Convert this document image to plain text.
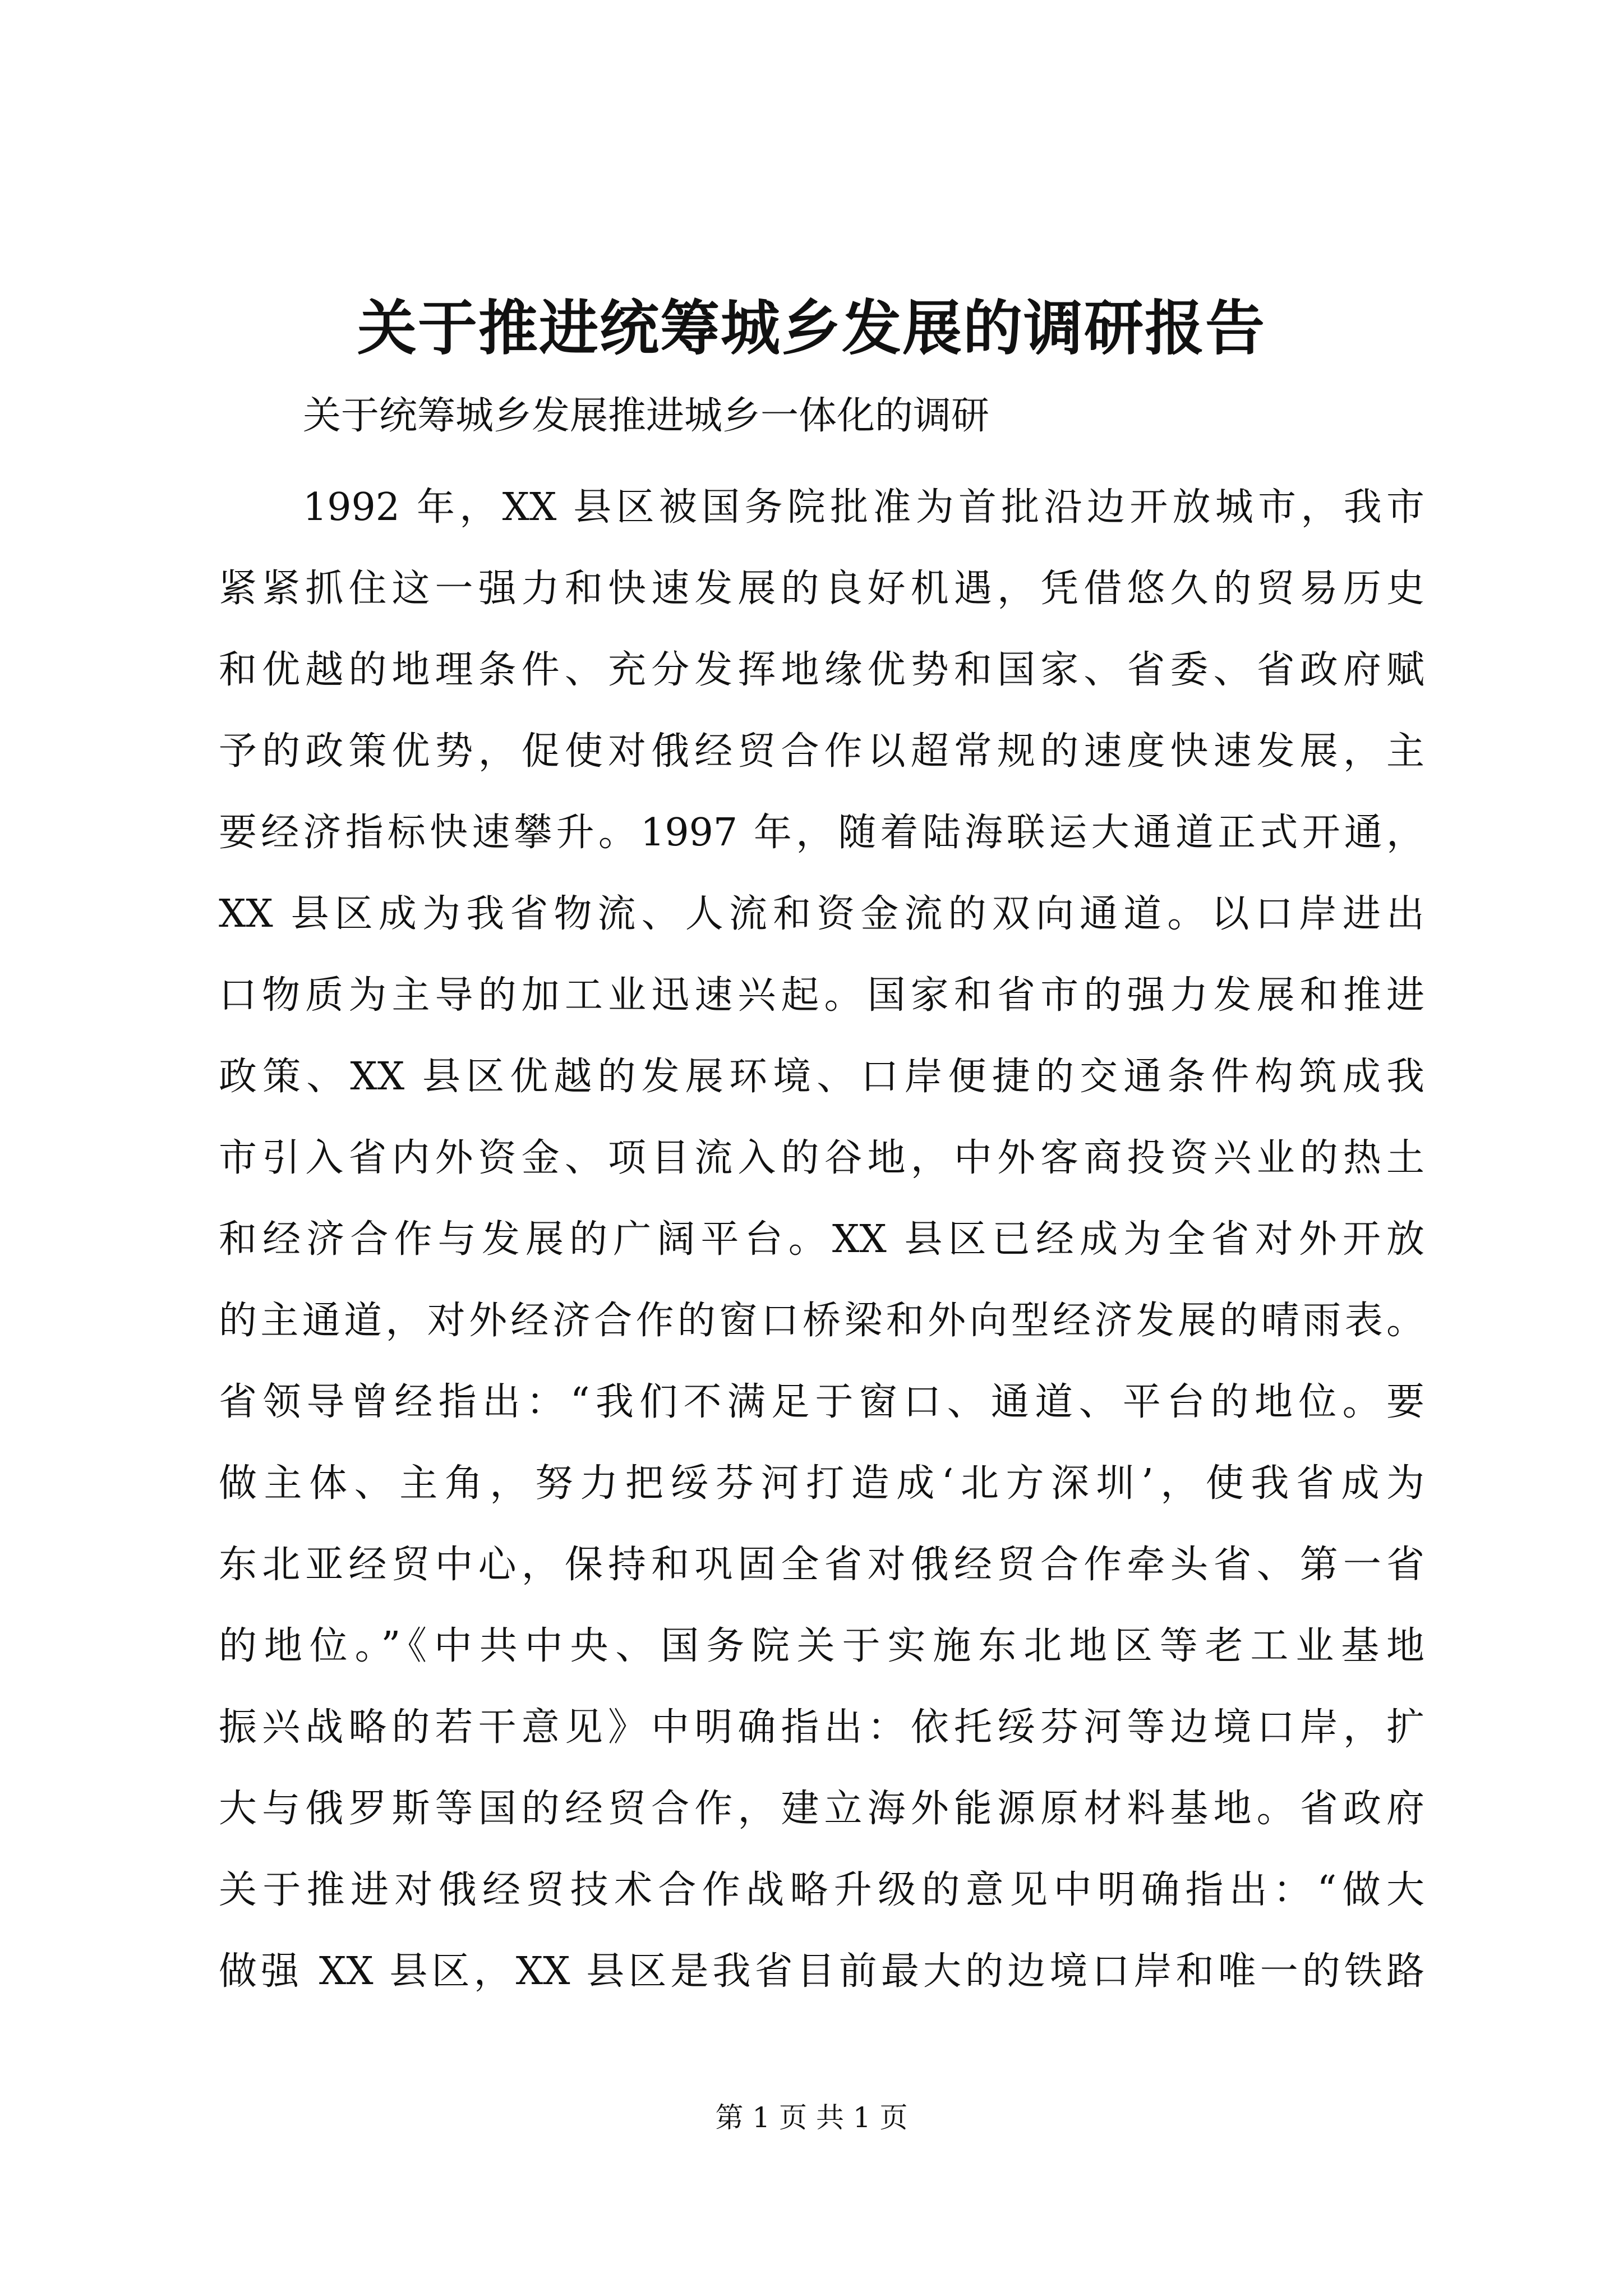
关于推进统筹城乡发展的调研报告
关于统筹城乡发展推进城乡一体化的调研
1992 年，XX 县区被国务院批准为首批沿边开放城市，我市
紧紧抓住这一强力和快速发展的良好机遇，凭借悠久的贸易历史
和优越的地理条件、充分发挥地缘优势和国家、省委、省政府赋
予的政策优势，促使对俄经贸合作以超常规的速度快速发展，主
要经济指标快速攀升。1997 年，随着陆海联运大通道正式开通，
XX 县区成为我省物流、人流和资金流的双向通道。以口岸进出
口物质为主导的加工业迅速兴起。国家和省市的强力发展和推进
政策、XX 县区优越的发展环境、口岸便捷的交通条件构筑成我
市引入省内外资金、项目流入的谷地，中外客商投资兴业的热土
和经济合作与发展的广阔平台。XX 县区已经成为全省对外开放
的主通道，对外经济合作的窗口桥梁和外向型经济发展的晴雨表。
省领导曾经指出：“我们不满足于窗口、通道、平台的地位。要
做主体、主角，努力把绥芬河打造成‘北方深圳’，使我省成为
东北亚经贸中心，保持和巩固全省对俄经贸合作牵头省、第一省
的地位。”《中共中央、国务院关于实施东北地区等老工业基地
振兴战略的若干意见》中明确指出：依托绥芬河等边境口岸，扩
大与俄罗斯等国的经贸合作，建立海外能源原材料基地。省政府
关于推进对俄经贸技术合作战略升级的意见中明确指出：“做大
做强 XX 县区，XX 县区是我省目前最大的边境口岸和唯一的铁路
第 1 页 共 1 页
